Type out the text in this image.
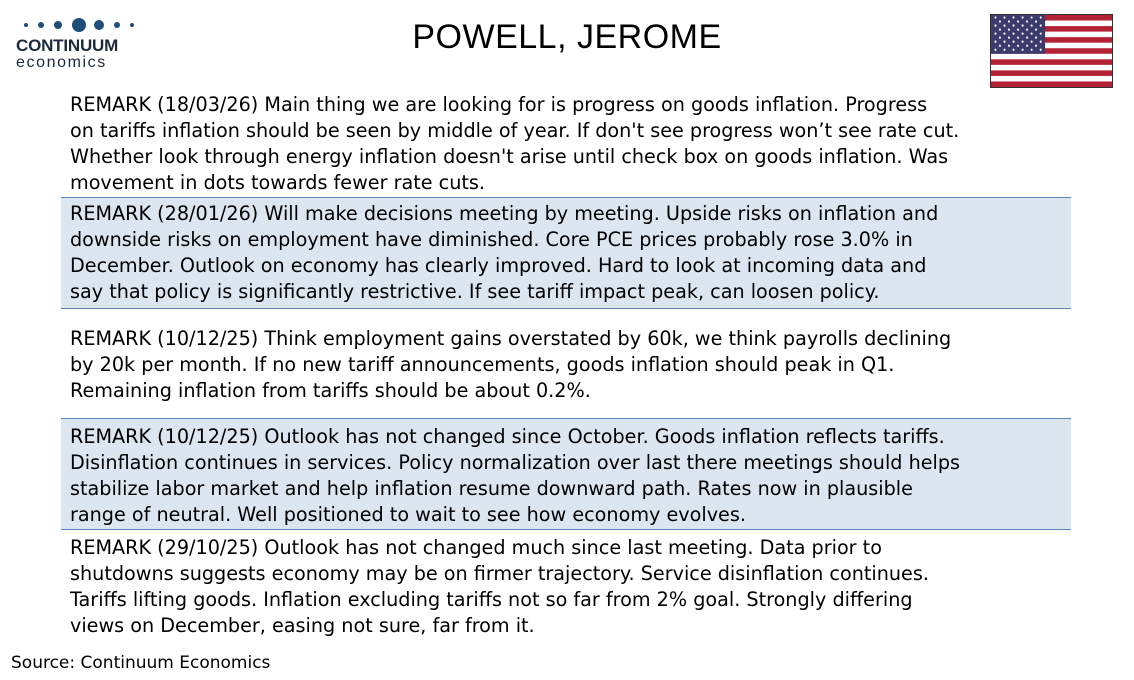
CONTINUUM
economics
POWELL, JEROME
REMARK (18/03/26) Main thing we are looking for is progress on goods inflation. Progress
on tariffs inflation should be seen by middle of year. If don't see progress won’t see rate cut.
Whether look through energy inflation doesn't arise until check box on goods inflation. Was
movement in dots towards fewer rate cuts.
REMARK (28/01/26) Will make decisions meeting by meeting. Upside risks on inflation and
downside risks on employment have diminished. Core PCE prices probably rose 3.0% in
December. Outlook on economy has clearly improved. Hard to look at incoming data and
say that policy is significantly restrictive. If see tariff impact peak, can loosen policy.
REMARK (10/12/25) Think employment gains overstated by 60k, we think payrolls declining
by 20k per month. If no new tariff announcements, goods inflation should peak in Q1.
Remaining inflation from tariffs should be about 0.2%.
REMARK (10/12/25) Outlook has not changed since October. Goods inflation reflects tariffs.
Disinflation continues in services. Policy normalization over last there meetings should helps
stabilize labor market and help inflation resume downward path. Rates now in plausible
range of neutral. Well positioned to wait to see how economy evolves.
REMARK (29/10/25) Outlook has not changed much since last meeting. Data prior to
shutdowns suggests economy may be on firmer trajectory. Service disinflation continues.
Tariffs lifting goods. Inflation excluding tariffs not so far from 2% goal. Strongly differing
views on December, easing not sure, far from it.
Source: Continuum Economics
